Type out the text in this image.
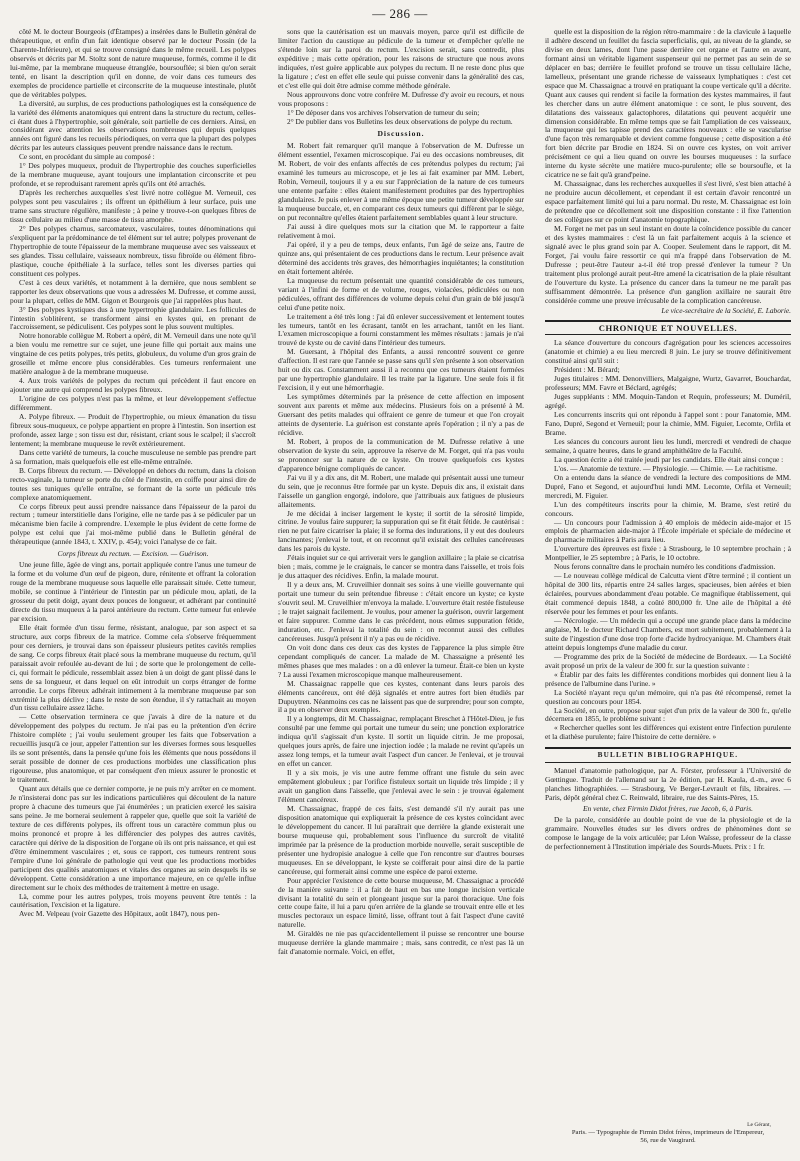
— 286 —

côté M. le docteur Bourgeois (d'Étampes) a insérées dans le Bulletin général de thérapeutique, et enfin d'un fait identique observé par le docteur Possin (de la Charente-Inférieure), et qui se trouve consigné dans le même recueil. Les polypes observés et décrits par M. Stoltz sont de nature muqueuse, formés, comme il le dit lui-même, par la membrane muqueuse étranglée, boursouflée; si bien qu'on serait tenté, en lisant la description qu'il en donne, de voir dans ces tumeurs des exemples de procidence partielle et circonscrite de la muqueuse intestinale, plutôt que de véritables polypes.

La diversité, au surplus, de ces productions pathologiques est la conséquence de la variété des éléments anatomiques qui entrent dans la structure du rectum, celles-ci étant dues à l'hypertrophie, soit générale, soit partielle de ces derniers. Ainsi, en considérant avec attention les observations nombreuses qui depuis quelques années ont figuré dans les recueils périodiques, on verra que la plupart des polypes décrits par les auteurs classiques peuvent prendre naissance dans le rectum.

Ce sont, en procédant du simple au composé :

1° Des polypes muqueux, produit de l'hypertrophie des couches superficielles de la membrane muqueuse, ayant toujours une implantation circonscrite et peu profonde, et se reproduisant rarement après qu'ils ont été arrachés.

D'après les recherches auxquelles s'est livré notre collègue M. Verneuil, ces polypes sont peu vasculaires ; ils offrent un épithélium à leur surface, puis une trame sans structure régulière, manifeste ; à peine y trouve-t-on quelques fibres de tissu cellulaire au milieu d'une masse de tissu amorphe.

2° Des polypes charnus, sarcomateux, vasculaires, toutes dénominations qui s'expliquent par la prédominance de tel élément sur tel autre; polypes provenant de l'hypertrophie de toute l'épaisseur de la membrane muqueuse avec ses vaisseaux et ses glandes. Tissu cellulaire, vaisseaux nombreux, tissu fibroïde ou élément fibro-plastique, couche épithéliale à la surface, telles sont les diverses parties qui constituent ces polypes.

C'est à ces deux variétés, et notamment à la dernière, que nous semblent se rapporter les deux observations que vous a adressées M. Dufresse, et comme aussi, pour la plupart, celles de MM. Gigon et Bourgeois que j'ai rappelées plus haut.

3° Des polypes kystiques dus à une hypertrophie glandulaire. Les follicules de l'intestin s'oblitèrent, se transforment ainsi en kystes qui, en prenant de l'accroissement, se pédiculisent. Ces polypes sont le plus souvent multiples.

Notre honorable collègue M. Robert a opéré, dit M. Verneuil dans une note qu'il a bien voulu me remettre sur ce sujet, une jeune fille qui portait aux mains une vingtaine de ces petits polypes, très petits, globuleux, du volume d'un gros grain de groseille et même encore plus considérables. Ces tumeurs renfermaient une matière analogue à de la membrane muqueuse.

4. Aux trois variétés de polypes du rectum qui précèdent il faut encore en ajouter une autre qui comprend les polypes fibreux.

L'origine de ces polypes n'est pas la même, et leur développement s'effectue différemment.

A. Polype fibreux. — Produit de l'hypertrophie, ou mieux émanation du tissu fibreux sous-muqueux, ce polype appartient en propre à l'intestin. Son insertion est profonde, assez large ; son tissu est dur, résistant, criant sous le scalpel; il s'accroît lentement; la membrane muqueuse le revêt extérieurement.

Dans cette variété de tumeurs, la couche musculeuse ne semble pas prendre part à sa formation, mais quelquefois elle est elle-même entraînée.

B. Corps fibreux du rectum. — Développé en dehors du rectum, dans la cloison recto-vaginale, la tumeur se porte du côté de l'intestin, en coiffe pour ainsi dire de toutes ses tuniques qu'elle entraîne, se formant de la sorte un pédicule très complexe anatomiquement.

Ce corps fibreux peut aussi prendre naissance dans l'épaisseur de la paroi du rectum ; tumeur interstitielle dans l'origine, elle ne tarde pas à se pédiculer par un mécanisme bien facile à comprendre. L'exemple le plus évident de cette forme de polype est celui que j'ai moi-même publié dans le Bulletin général de thérapeutique (année 1843, t. XXIV, p. 454); voici l'analyse de ce fait.

Corps fibreux du rectum. — Excision. — Guérison.

Une jeune fille, âgée de vingt ans, portait appliquée contre l'anus une tumeur de la forme et du volume d'un œuf de pigeon, dure, rénitente et offrant la coloration rouge de la membrane muqueuse sous laquelle elle paraissait située. Cette tumeur, mobile, se continue à l'intérieur de l'intestin par un pédicule mou, aplati, de la grosseur du petit doigt, ayant deux pouces de longueur, et adhérant par continuité directe du tissu muqueux à la paroi antérieure du rectum. Cette tumeur fut enlevée par excision.

Elle était formée d'un tissu ferme, résistant, analogue, par son aspect et sa structure, aux corps fibreux de la matrice. Comme cela s'observe fréquemment pour ces derniers, je trouvai dans son épaisseur plusieurs petites cavités remplies de sang. Ce corps fibreux était placé sous la membrane muqueuse du rectum, qu'il paraissait avoir refoulée au-devant de lui ; de sorte que le prolongement de celle-ci, qui formait le pédicule, ressemblait assez bien à un doigt de gant plissé dans le sens de sa longueur, et dans lequel on eût introduit un corps étranger de forme arrondie. Le corps fibreux adhérait intimement à la membrane muqueuse par son extrémité la plus déclive ; dans le reste de son étendue, il s'y rattachait au moyen d'un tissu cellulaire assez lâche.

— Cette observation terminera ce que j'avais à dire de la nature et du développement des polypes du rectum. Je n'ai pas eu la prétention d'en écrire l'histoire complète ; j'ai voulu seulement grouper les faits que l'observation a recueillis jusqu'à ce jour, appeler l'attention sur les diverses formes sous lesquelles ils se sont présentés, dans la pensée qu'une fois les éléments que nous possédons il serait possible de donner de ces productions morbides une classification plus rigoureuse, plus anatomique, et par conséquent d'en mieux assurer le pronostic et le traitement.

Quant aux détails que ce dernier comporte, je ne puis m'y arrêter en ce moment. Je n'insisterai donc pas sur les indications particulières qui découlent de la nature propre à chacune des tumeurs que j'ai énumérées ; un praticien exercé les saisira sans peine. Je me bornerai seulement à rappeler que, quelle que soit la variété de texture de ces différents polypes, ils offrent tous un caractère commun plus ou moins prononcé et propre à les différencier des polypes des autres cavités, caractère qui dérive de la disposition de l'organe où ils ont pris naissance, et qui est d'être éminemment vasculaires ; et, sous ce rapport, ces tumeurs rentrent sous l'empire d'une loi générale de pathologie qui veut que les productions morbides participent des qualités anatomiques et vitales des organes au sein desquels ils se développent. Cette considération a une importance majeure, en ce qu'elle influe directement sur le choix des méthodes de traitement à mettre en usage.

Là, comme pour les autres polypes, trois moyens peuvent être tentés : la cautérisation, l'excision et la ligature.

Avec M. Velpeau (voir Gazette des Hôpitaux, août 1847), nous pen-

sons que la cautérisation est un mauvais moyen, parce qu'il est difficile de limiter l'action du caustique au pédicule de la tumeur et d'empêcher qu'elle ne s'étende loin sur la paroi du rectum. L'excision serait, sans contredit, plus expéditive ; mais cette opération, pour les raisons de structure que nous avons indiquées, n'est guère applicable aux polypes du rectum. Il ne reste donc plus que la ligature ; c'est en effet elle seule qui puisse convenir dans la généralité des cas, et c'est elle qui doit être admise comme méthode générale.

Nous approuvons donc votre confrère M. Dufresse d'y avoir eu recours, et nous vous proposons :

1° De déposer dans vos archives l'observation de tumeur du sein;

2° De publier dans vos Bulletins les deux observations de polype du rectum.

Discussion.

M. Robert fait remarquer qu'il manque à l'observation de M. Dufresse un élément essentiel, l'examen microscopique. J'ai eu des occasions nombreuses, dit M. Robert, de voir des enfants affectés de ces prétendus polypes du rectum; j'ai examiné les tumeurs au microscope, et je les ai fait examiner par MM. Lebert, Robin, Verneuil, toujours il y a eu sur l'appréciation de la nature de ces tumeurs une entente parfaite : elles étaient manifestement produites par des hypertrophies glandulaires. Je puis enlever à une même époque une petite tumeur développée sur la muqueuse buccale, et, en comparant ces deux tumeurs qui diffèrent par le siège, on put reconnaître qu'elles étaient parfaitement semblables quant à leur structure.

J'ai aussi à dire quelques mots sur la citation que M. le rapporteur a faite relativement à moi.

J'ai opéré, il y a peu de temps, deux enfants, l'un âgé de seize ans, l'autre de quinze ans, qui présentaient de ces productions dans le rectum. Leur présence avait déterminé des accidents très graves, des hémorrhagies inquiétantes; la constitution en était fortement altérée.

La muqueuse du rectum présentait une quantité considérable de ces tumeurs, variant à l'infini de forme et de volume, rouges, violacées, pédiculées ou non pédiculées, offrant des différences de volume depuis celui d'un grain de blé jusqu'à celui d'une petite noix.

Le traitement a été très long : j'ai dû enlever successivement et lentement toutes les tumeurs, tantôt en les écrasant, tantôt en les arrachant, tantôt en les liant. L'examen microscopique a fourni constamment les mêmes résultats : jamais je n'ai trouvé de kyste ou de cavité dans l'intérieur des tumeurs.

M. Guersant, à l'hôpital des Enfants, a aussi rencontré souvent ce genre d'affection. Il est rare que l'année se passe sans qu'il s'en présente à son observation huit ou dix cas. Constamment aussi il a reconnu que ces tumeurs étaient formées par une hypertrophie glandulaire. Il les traite par la ligature. Une seule fois il fit l'excision, il y eut une hémorrhagie.

Les symptômes déterminés par la présence de cette affection en imposent souvent aux parents et même aux médecins. Plusieurs fois on a présenté à M. Guersant des petits malades qui offraient ce genre de tumeur et que l'on croyait atteints de dysenterie. La guérison est constante après l'opération ; il n'y a pas de récidive.

M. Robert, à propos de la communication de M. Dufresse relative à une observation de kyste du sein, approuve la réserve de M. Forget, qui n'a pas voulu se prononcer sur la nature de ce kyste. On trouve quelquefois ces kystes d'apparence bénigne compliqués de cancer.

J'ai vu il y a dix ans, dit M. Robert, une malade qui présentait aussi une tumeur du sein, que je reconnus être formée par un kyste. Depuis dix ans, il existait dans l'aisselle un ganglion engorgé, indolore, que j'attribuais aux fatigues de plusieurs allaitements.

Je me décidai à inciser largement le kyste; il sortit de la sérosité limpide, citrine. Je voulus faire suppurer; la suppuration qui se fit était fétide. Je cautérisai : rien ne put faire cicatriser la plaie; il se forma des indurations, il y eut des douleurs lancinantes; j'enlevai le tout, et on reconnut qu'il existait des cellules cancéreuses dans les parois du kyste.

J'étais inquiet sur ce qui arriverait vers le ganglion axillaire ; la plaie se cicatrisa bien ; mais, comme je le craignais, le cancer se montra dans l'aisselle, et trois fois je dus attaquer des récidives. Enfin, la malade mourut.

Il y a deux ans, M. Cruveilhier donnait ses soins à une vieille gouvernante qui portait une tumeur du sein prétendue fibreuse : c'était encore un kyste; ce kyste s'ouvrit seul. M. Cruveilhier m'envoya la malade. L'ouverture était restée fistuleuse ; le trajet saignait facilement. Je voulus, pour amener la guérison, ouvrir largement et faire suppurer. Comme dans le cas précédent, nous eûmes suppuration fétide, induration, etc. J'enlevai la totalité du sein : on reconnut aussi des cellules cancéreuses. Jusqu'à présent il n'y a pas eu de récidive.

On voit donc dans ces deux cas des kystes de l'apparence la plus simple être cependant compliqués de cancer. La malade de M. Chassaigne a présenté les mêmes phases que mes malades : on a dû enlever la tumeur. Était-ce bien un kyste ? La aussi l'examen microscopique manque malheureusement.

M. Chassaignac rappelle que ces kystes, contenant dans leurs parois des éléments cancéreux, ont été déjà signalés et entre autres fort bien étudiés par Dupuytren. Néanmoins ces cas ne laissent pas que de surprendre; pour son compte, il a pu en observer deux exemples.

Il y a longtemps, dit M. Chassaignac, remplaçant Breschet à l'Hôtel-Dieu, je fus consulté par une femme qui portait une tumeur du sein; une ponction exploratrice indiqua qu'il s'agissait d'un kyste. Il sortit un liquide citrin. Je me proposai, quelques jours après, de faire une injection iodée ; la malade ne revint qu'après un assez long temps, et la tumeur avait l'aspect d'un cancer. Je l'enlevai, et je trouvai en effet un cancer.

Il y a six mois, je vis une autre femme offrant une fistule du sein avec empâtement globuleux ; par l'orifice fistuleux sortait un liquide très limpide ; il y avait un ganglion dans l'aisselle, que j'enlevai avec le sein : je trouvai également l'élément cancéreux.

M. Chassaignac, frappé de ces faits, s'est demandé s'il n'y aurait pas une disposition anatomique qui expliquerait la présence de ces kystes coïncidant avec le développement du cancer. Il lui paraîtrait que derrière la glande existerait une bourse muqueuse qui, probablement sous l'influence du surcroît de vitalité imprimée par la présence de la production morbide nouvelle, serait susceptible de présenter une hydropisie analogue à celle que l'on rencontre sur d'autres bourses muqueuses. En se développant, le kyste se coifferait pour ainsi dire de la partie cancéreuse, qui formerait ainsi comme une espèce de paroi externe.

Pour apprécier l'existence de cette bourse muqueuse, M. Chassaignac a procédé de la manière suivante : il a fait de haut en bas une longue incision verticale divisant la totalité du sein et plongeant jusque sur la paroi thoracique. Une fois cette coupe faite, il lui a paru qu'en arrière de la glande se trouvait entre elle et les muscles pectoraux un espace limité, lisse, offrant tout à fait l'aspect d'une cavité naturelle.

M. Giraldès ne nie pas qu'accidentellement il puisse se rencontrer une bourse muqueuse derrière la glande mammaire ; mais, sans contredit, ce n'est pas là un fait d'anatomie normale. Voici, en effet,

quelle est la disposition de la région rétro-mammaire : de la clavicule à laquelle il adhère descend un feuillet du fascia superficialis, qui, au niveau de la glande, se divise en deux lames, dont l'une passe derrière cet organe et l'autre en avant, formant ainsi un véritable ligament suspenseur qui ne permet pas au sein de se déplacer en bas; derrière le feuillet profond se trouve un tissu cellulaire lâche, lamelleux, présentant une grande richesse de vaisseaux lymphatiques : c'est cet espace que M. Chassaignac a trouvé en pratiquant la coupe verticale qu'il a décrite. Quant aux causes qui rendent si facile la formation des kystes mammaires, il faut les chercher dans un autre élément anatomique : ce sont, le plus souvent, des dilatations des vaisseaux galactophores, dilatations qui peuvent acquérir une dimension considérable. En même temps que se fait l'ampliation de ces vaisseaux, la muqueuse qui les tapisse prend des caractères nouveaux : elle se vascularise d'une façon très remarquable et devient comme fongueuse ; cette disposition a été fort bien décrite par Brodie en 1824. Si on ouvre ces kystes, on voit arriver précisément ce qui a lieu quand on ouvre les bourses muqueuses : la surface interne du kyste sécrète une matière muco-purulente; elle se boursoufle, et la cicatrice ne se fait qu'à grand'peine.

M. Chassaignac, dans les recherches auxquelles il s'est livré, s'est bien attaché à ne produire aucun décollement, et cependant il est certain d'avoir rencontré un espace parfaitement limité qui lui a paru normal. Du reste, M. Chassaignac est loin de prétendre que ce décollement soit une disposition constante : il fixe l'attention de ses collègues sur ce point d'anatomie topographique.

M. Forget ne met pas un seul instant en doute la coïncidence possible du cancer et des kystes mammaires : c'est là un fait parfaitement acquis à la science et signalé avec le plus grand soin par A. Cooper. Seulement dans le rapport, dit M. Forget, j'ai voulu faire ressortir ce qui m'a frappé dans l'observation de M. Dufresse ; peut-être l'auteur a-t-il été trop pressé d'enlever la tumeur ? Un traitement plus prolongé aurait peut-être amené la cicatrisation de la plaie résultant de l'ouverture du kyste. La présence du cancer dans la tumeur ne me paraît pas suffisamment démontrée. La présence d'un ganglion axillaire ne saurait être considérée comme une preuve irrécusable de la complication cancéreuse.

Le vice-secrétaire de la Société, E. Laborie.

CHRONIQUE ET NOUVELLES.

La séance d'ouverture du concours d'agrégation pour les sciences accessoires (anatomie et chimie) a eu lieu mercredi 8 juin. Le jury se trouve définitivement constitué ainsi qu'il suit :

Président : M. Bérard;

Juges titulaires : MM. Denonvilliers, Malgaigne, Wurtz, Gavarret, Bouchardat, professeurs; MM. Favre et Béclard, agrégés;

Juges suppléants : MM. Moquin-Tandon et Requin, professeurs; M. Duméril, agrégé.

Les concurrents inscrits qui ont répondu à l'appel sont : pour l'anatomie, MM. Fano, Dupré, Segond et Verneuil; pour la chimie, MM. Figuier, Lecomte, Orfila et Brame.

Les séances du concours auront lieu les lundi, mercredi et vendredi de chaque semaine, à quatre heures, dans le grand amphithéâtre de la Faculté.

La question écrite a été traitée jeudi par les candidats. Elle était ainsi conçue :

L'os. — Anatomie de texture. — Physiologie. — Chimie. — Le rachitisme.

On a entendu dans la séance de vendredi la lecture des compositions de MM. Dupré, Fano et Segond, et aujourd'hui lundi MM. Lecomte, Orfila et Verneuil; mercredi, M. Figuier.

L'un des compétiteurs inscrits pour la chimie, M. Brame, s'est retiré du concours.

— Un concours pour l'admission à 40 emplois de médecin aide-major et 15 emplois de pharmacien aide-major à l'École impériale et spéciale de médecine et de pharmacie militaires à Paris aura lieu.

L'ouverture des épreuves est fixée : à Strasbourg, le 10 septembre prochain ; à Montpellier, le 25 septembre ; à Paris, le 10 octobre.

Nous ferons connaître dans le prochain numéro les conditions d'admission.

— Le nouveau collège médical de Calcutta vient d'être terminé ; il contient un hôpital de 300 lits, répartis entre 24 salles larges, spacieuses, bien aérées et bien éclairées, pourvues abondamment d'eau potable. Ce magnifique établissement, qui était commencé depuis 1848, a coûté 800,000 fr. Une aile de l'hôpital a été réservée pour les femmes et pour les enfants.

— Nécrologie. — Un médecin qui a occupé une grande place dans la médecine anglaise, M. le docteur Richard Chambers, est mort subitement, probablement à la suite de l'ingestion d'une dose trop forte d'acide hydrocyanique. M. Chambers était atteint depuis longtemps d'une maladie du cœur.

— Programme des prix de la Société de médecine de Bordeaux. — La Société avait proposé un prix de la valeur de 300 fr. sur la question suivante :

« Établir par des faits les différentes conditions morbides qui donnent lieu à la présence de l'albumine dans l'urine. »

La Société n'ayant reçu qu'un mémoire, qui n'a pas été récompensé, remet la question au concours pour 1854.

La Société, en outre, propose pour sujet d'un prix de la valeur de 300 fr., qu'elle décernera en 1855, le problème suivant :

« Rechercher quelles sont les différences qui existent entre l'infection purulente et la diathèse purulente; faire l'histoire de cette dernière. »

BULLETIN BIBLIOGRAPHIQUE.

Manuel d'anatomie pathologique, par A. Förster, professeur à l'Université de Gœttingue. Traduit de l'allemand sur la 2e édition, par H. Kaula, d.-m., avec 6 planches lithographiées. — Strasbourg, Ve Berger-Levrault et fils, libraires. — Paris, dépôt général chez C. Reinwald, libraire, rue des Saints-Pères, 15.

En vente, chez Firmin Didot frères, rue Jacob, 6, à Paris.

De la parole, considérée au double point de vue de la physiologie et de la grammaire. Nouvelles études sur les divers ordres de phénomènes dont se compose le langage de la voix articulée; par Léon Waïsse, professeur de la classe de perfectionnement à l'Institution impériale des Sourds-Muets. Prix : 1 fr.

Le Gérant,
Paris. — Typographie de Firmin Didot frères, imprimeurs de l'Empereur,
56, rue de Vaugirard.
